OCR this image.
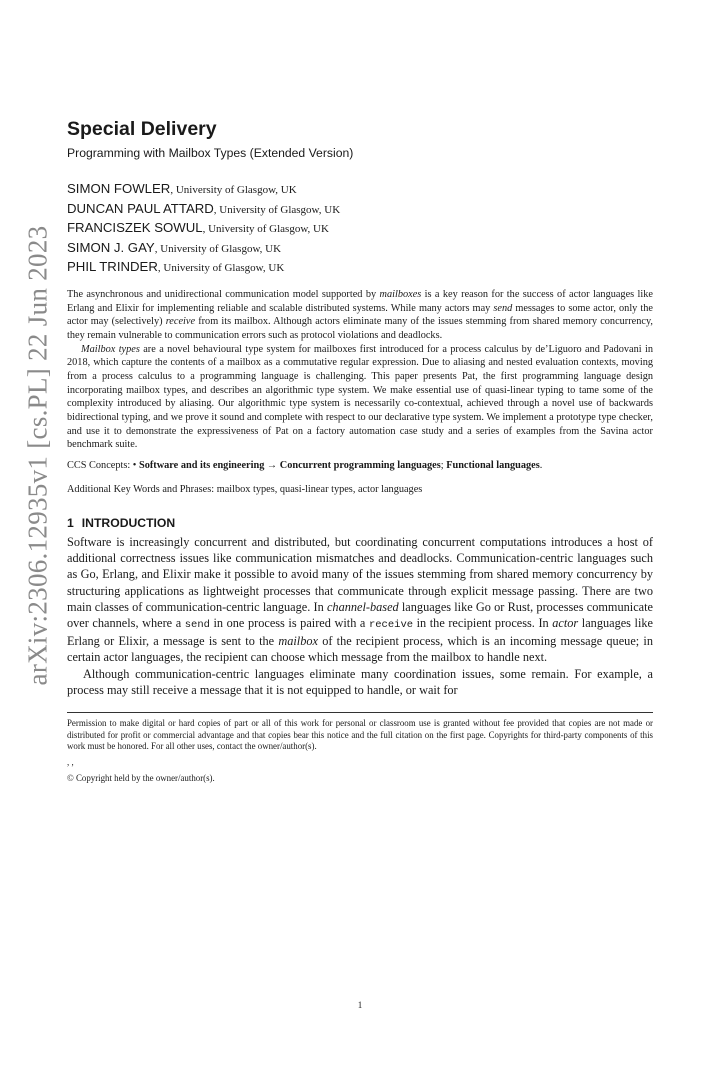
arXiv:2306.12935v1 [cs.PL] 22 Jun 2023
Special Delivery
Programming with Mailbox Types (Extended Version)
SIMON FOWLER, University of Glasgow, UK
DUNCAN PAUL ATTARD, University of Glasgow, UK
FRANCISZEK SOWUL, University of Glasgow, UK
SIMON J. GAY, University of Glasgow, UK
PHIL TRINDER, University of Glasgow, UK

The asynchronous and unidirectional communication model supported by mailboxes is a key reason for the success of actor languages like Erlang and Elixir for implementing reliable and scalable distributed systems. While many actors may send messages to some actor, only the actor may (selectively) receive from its mailbox. Although actors eliminate many of the issues stemming from shared memory concurrency, they remain vulnerable to communication errors such as protocol violations and deadlocks.

Mailbox types are a novel behavioural type system for mailboxes first introduced for a process calculus by de’Liguoro and Padovani in 2018, which capture the contents of a mailbox as a commutative regular expression. Due to aliasing and nested evaluation contexts, moving from a process calculus to a programming language is challenging. This paper presents Pat, the first programming language design incorporating mailbox types, and describes an algorithmic type system. We make essential use of quasi-linear typing to tame some of the complexity introduced by aliasing. Our algorithmic type system is necessarily co-contextual, achieved through a novel use of backwards bidirectional typing, and we prove it sound and complete with respect to our declarative type system. We implement a prototype type checker, and use it to demonstrate the expressiveness of Pat on a factory automation case study and a series of examples from the Savina actor benchmark suite.

CCS Concepts: • Software and its engineering → Concurrent programming languages; Functional languages.
Additional Key Words and Phrases: mailbox types, quasi-linear types, actor languages
1 INTRODUCTION

Software is increasingly concurrent and distributed, but coordinating concurrent computations introduces a host of additional correctness issues like communication mismatches and deadlocks. Communication-centric languages such as Go, Erlang, and Elixir make it possible to avoid many of the issues stemming from shared memory concurrency by structuring applications as lightweight processes that communicate through explicit message passing. There are two main classes of communication-centric language. In channel-based languages like Go or Rust, processes communicate over channels, where a send in one process is paired with a receive in the recipient process. In actor languages like Erlang or Elixir, a message is sent to the mailbox of the recipient process, which is an incoming message queue; in certain actor languages, the recipient can choose which message from the mailbox to handle next.

Although communication-centric languages eliminate many coordination issues, some remain. For example, a process may still receive a message that it is not equipped to handle, or wait for

Permission to make digital or hard copies of part or all of this work for personal or classroom use is granted without fee provided that copies are not made or distributed for profit or commercial advantage and that copies bear this notice and the full citation on the first page. Copyrights for third-party components of this work must be honored. For all other uses, contact the owner/author(s).

, ,

© Copyright held by the owner/author(s).

1
